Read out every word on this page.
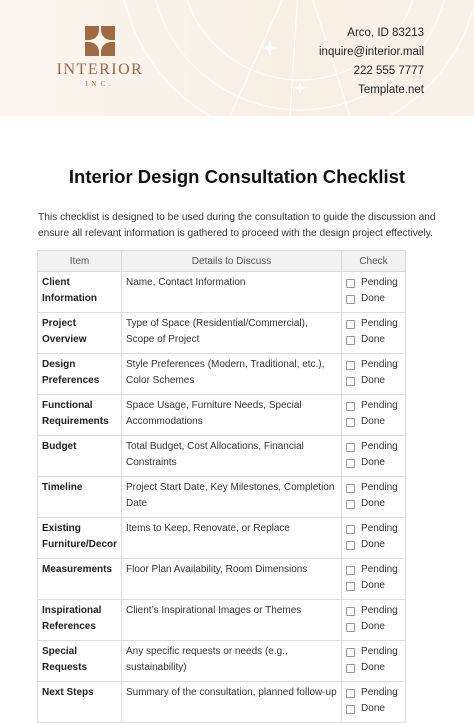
INTERIOR
INC.
Arco, ID 83213
inquire@interior.mail
222 555 7777
Template.net
Interior Design Consultation Checklist

This checklist is designed to be used during the consultation to guide the discussion and ensure all relevant information is gathered to proceed with the design project effectively.

Item	Details to Discuss	Check
Client Information	Name, Contact Information	Pending
Done

Project Overview	Type of Space (Residential/Commercial), Scope of Project	Pending
Done

Design Preferences	Style Preferences (Modern, Traditional, etc.), Color Schemes	Pending
Done

Functional Requirements	Space Usage, Furniture Needs, Special Accommodations	Pending
Done

Budget	Total Budget, Cost Allocations, Financial Constraints	Pending
Done

Timeline	Project Start Date, Key Milestones, Completion Date	Pending
Done

Existing Furniture/Decor	Items to Keep, Renovate, or Replace	Pending
Done

Measurements	Floor Plan Availability, Room Dimensions	Pending
Done

Inspirational References	Client’s Inspirational Images or Themes	Pending
Done

Special Requests	Any specific requests or needs (e.g., sustainability)	Pending
Done

Next Steps	Summary of the consultation, planned follow-up	Pending
Done
